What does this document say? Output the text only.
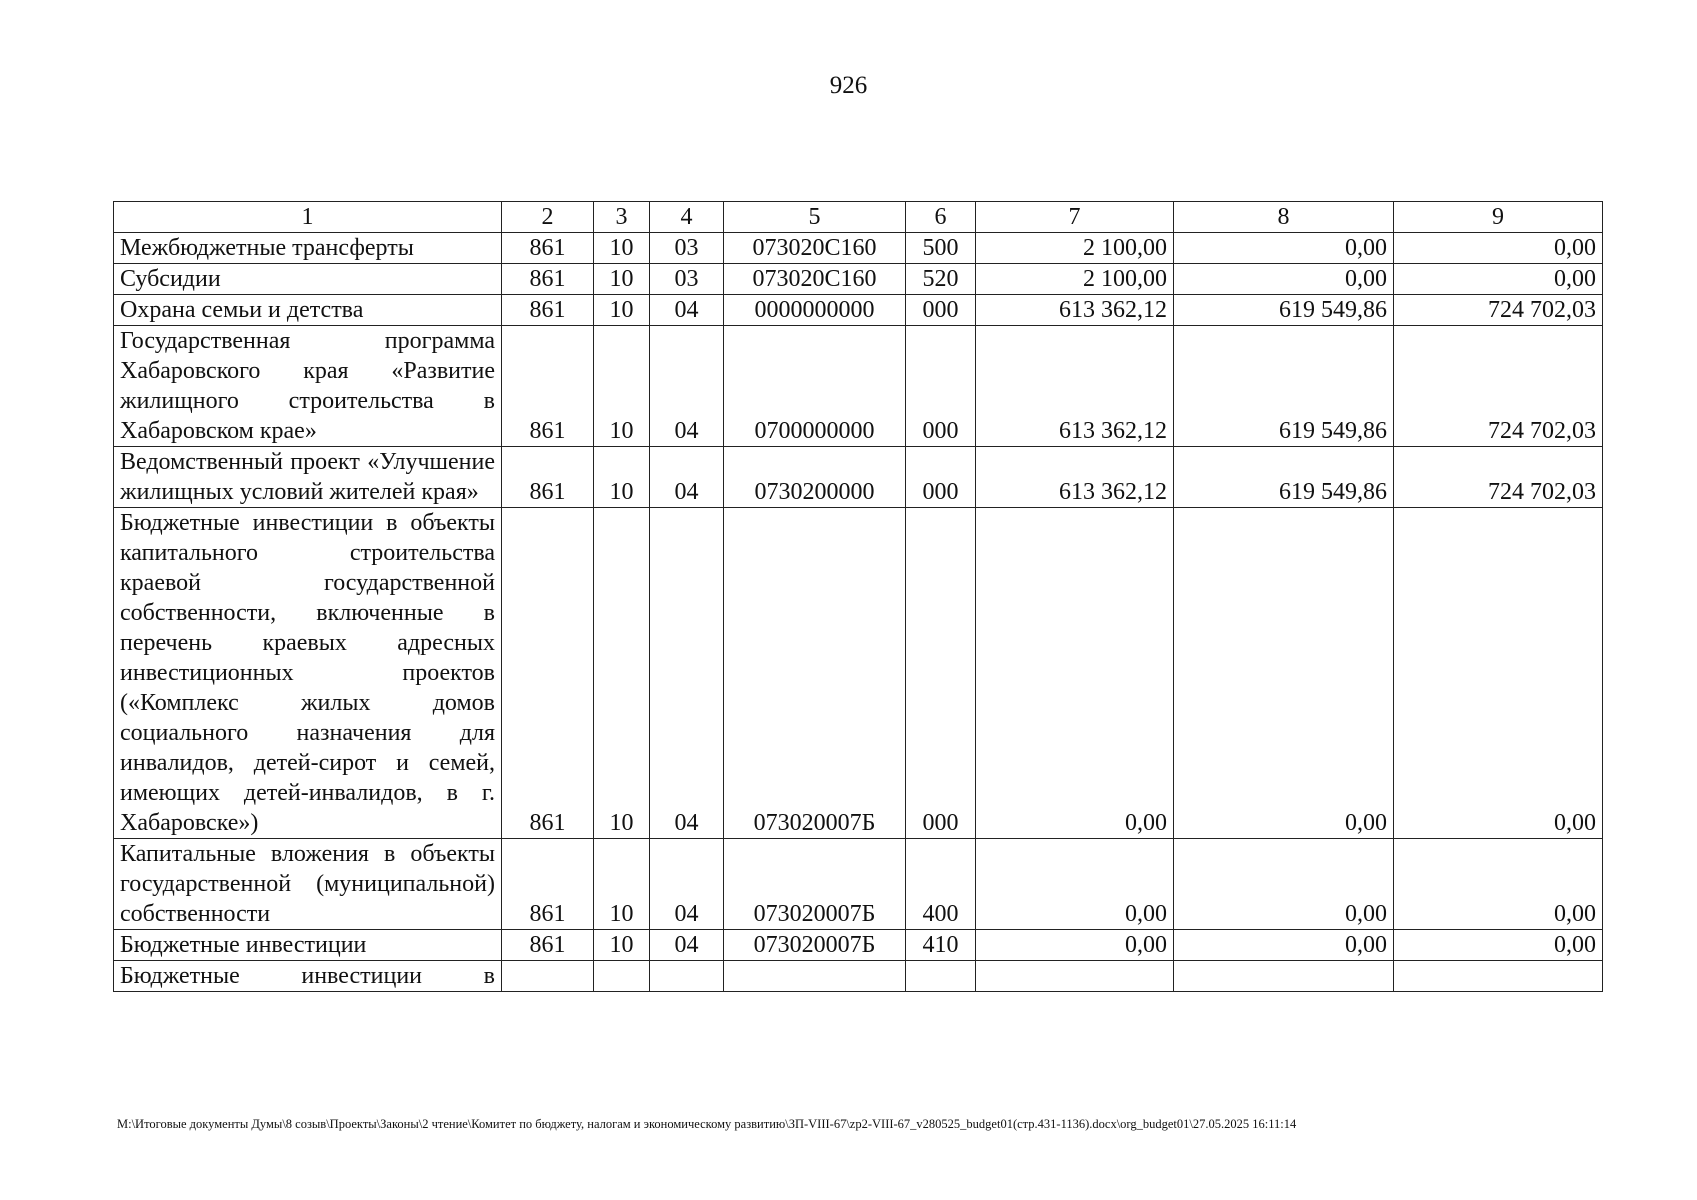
926
1	2	3	4	5	6	7	8	9
Межбюджетные трансферты	861	10	03	073020С160	500	2 100,00	0,00	0,00
Субсидии	861	10	03	073020С160	520	2 100,00	0,00	0,00
Охрана семьи и детства	861	10	04	0000000000	000	613 362,12	619 549,86	724 702,03
Государственная программа Хабаровского края «Развитие жилищного строительства в Хабаровском крае»	861	10	04	0700000000	000	613 362,12	619 549,86	724 702,03
Ведомственный проект «Улучшение жилищных условий жителей края»	861	10	04	0730200000	000	613 362,12	619 549,86	724 702,03
Бюджетные инвестиции в объекты капитального строительства краевой государственной собственности, включенные в перечень краевых адресных инвестиционных проектов («Комплекс жилых домов социального назначения для инвалидов, детей-сирот и семей, имеющих детей-инвалидов, в г. Хабаровске»)	861	10	04	073020007Б	000	0,00	0,00	0,00
Капитальные вложения в объекты государственной (муниципальной) собственности	861	10	04	073020007Б	400	0,00	0,00	0,00
Бюджетные инвестиции	861	10	04	073020007Б	410	0,00	0,00	0,00
Бюджетные инвестиции в								
M:\Итоговые документы Думы\8 созыв\Проекты\Законы\2 чтение\Комитет по бюджету, налогам и экономическому развитию\ЗП-VIII-67\zp2-VIII-67_v280525_budget01(стр.431-1136).docx\org_budget01\27.05.2025 16:11:14
